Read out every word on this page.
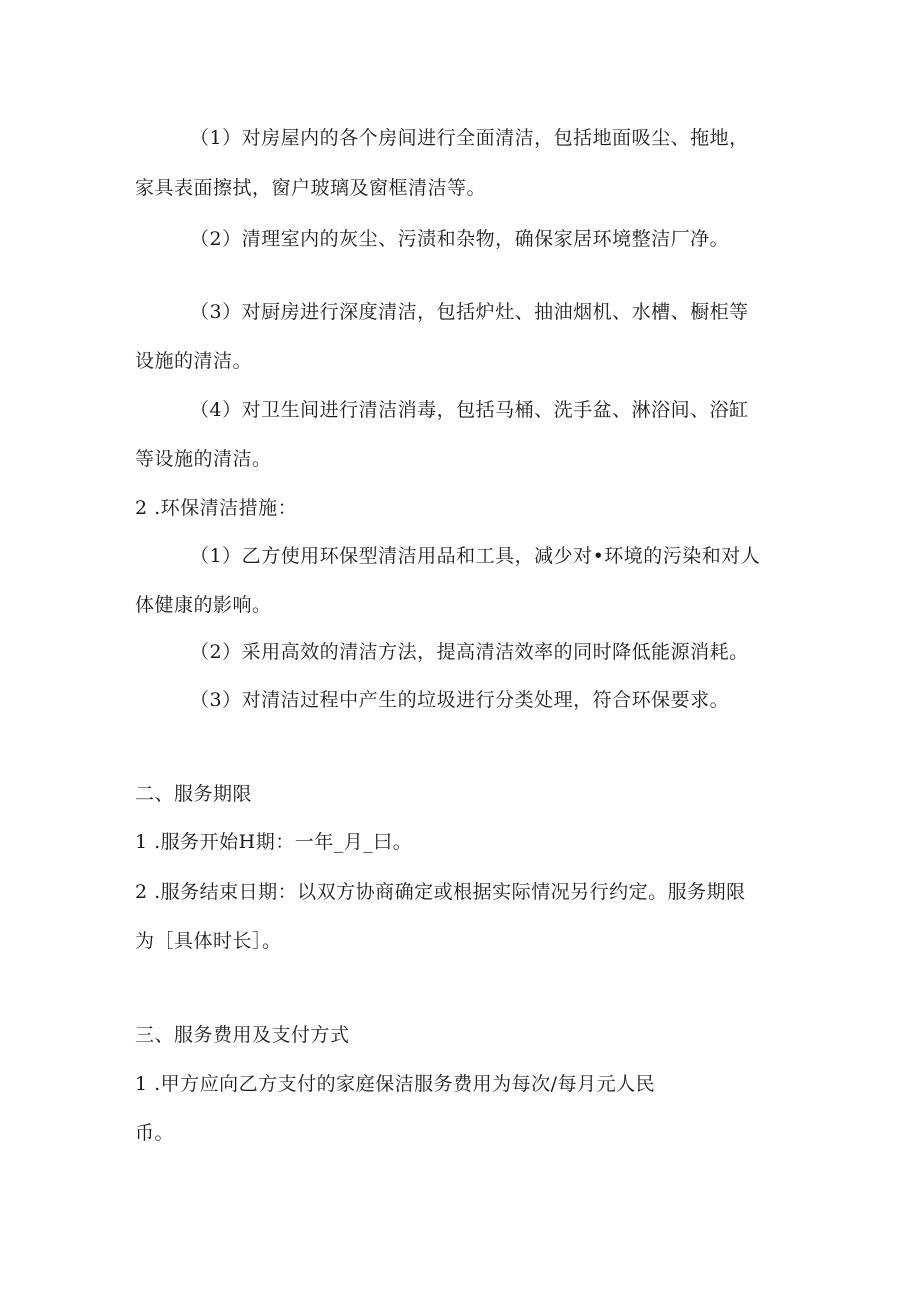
（1）对房屋内的各个房间进行全面清洁，包括地面吸尘、拖地，
家具表面擦拭，窗户玻璃及窗框清洁等。
（2）清理室内的灰尘、污渍和杂物，确保家居环境整洁厂净。
（3）对厨房进行深度清洁，包括炉灶、抽油烟机、水槽、橱柜等
设施的清洁。
（4）对卫生间进行清洁消毒，包括马桶、洗手盆、淋浴间、浴缸
等设施的清洁。
2 .环保清洁措施：
（1）乙方使用环保型清洁用品和工具，减少对•环境的污染和对人
体健康的影响。
（2）采用高效的清洁方法，提高清洁效率的同时降低能源消耗。
（3）对清洁过程中产生的垃圾进行分类处理，符合环保要求。
二、服务期限
1 .服务开始H期：一年_月_曰。
2 .服务结束日期：以双方协商确定或根据实际情况另行约定。服务期限
为［具体时长］。
三、服务费用及支付方式
1 .甲方应向乙方支付的家庭保洁服务费用为每次/每月元人民
币。
